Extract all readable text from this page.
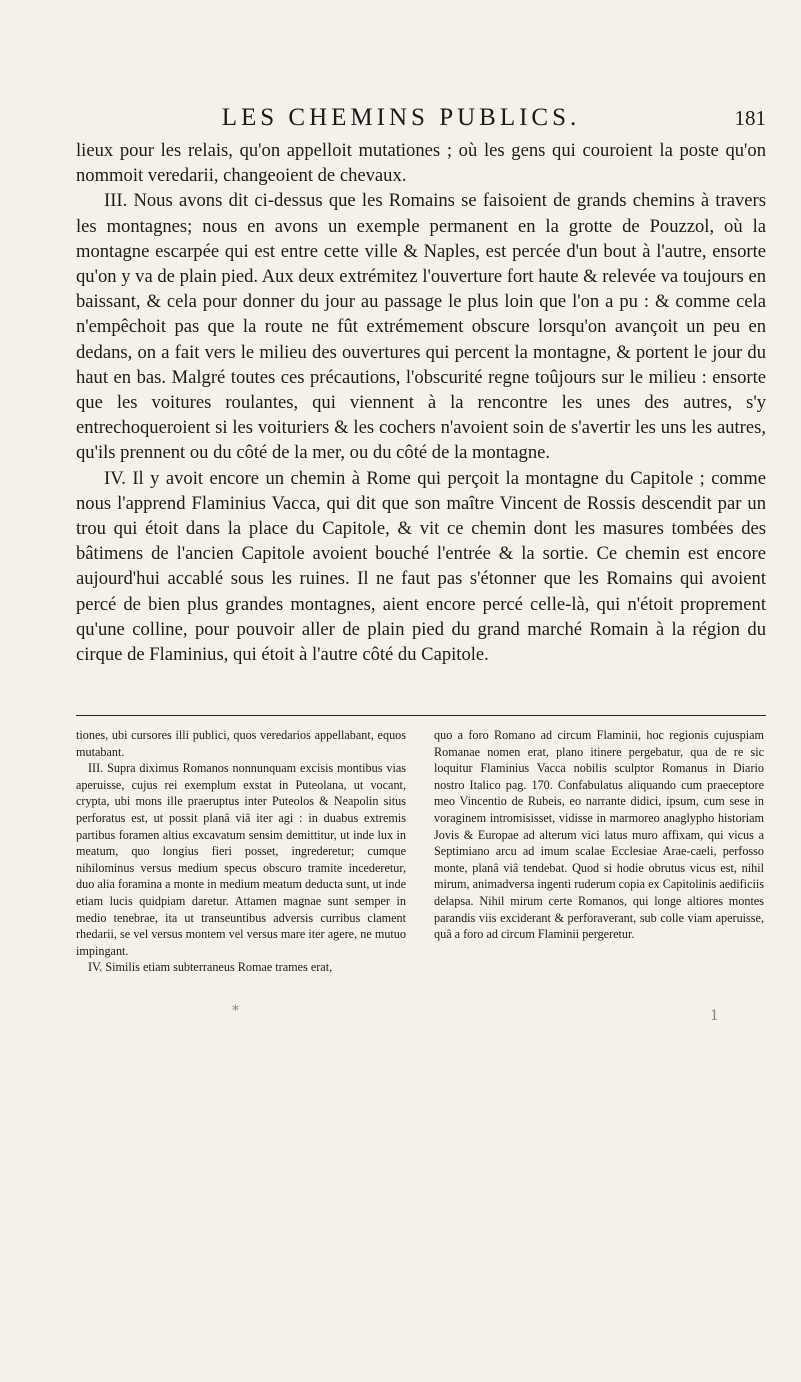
LES CHEMINS PUBLICS.	181

lieux pour les relais, qu'on appelloit mutationes ; où les gens qui couroient la poste qu'on nommoit veredarii, changeoient de chevaux.

III. Nous avons dit ci-dessus que les Romains se faisoient de grands chemins à travers les montagnes; nous en avons un exemple permanent en la grotte de Pouzzol, où la montagne escarpée qui est entre cette ville & Naples, est percée d'un bout à l'autre, ensorte qu'on y va de plain pied. Aux deux extrémitez l'ouverture fort haute & relevée va toujours en baissant, & cela pour donner du jour au passage le plus loin que l'on a pu : & comme cela n'empêchoit pas que la route ne fût extrémement obscure lorsqu'on avançoit un peu en dedans, on a fait vers le milieu des ouvertures qui percent la montagne, & portent le jour du haut en bas. Malgré toutes ces précautions, l'obscurité regne toûjours sur le milieu : ensorte que les voitures roulantes, qui viennent à la rencontre les unes des autres, s'y entrechoqueroient si les voituriers & les cochers n'avoient soin de s'avertir les uns les autres, qu'ils prennent ou du côté de la mer, ou du côté de la montagne.

IV. Il y avoit encore un chemin à Rome qui perçoit la montagne du Capitole ; comme nous l'apprend Flaminius Vacca, qui dit que son maître Vincent de Rossis descendit par un trou qui étoit dans la place du Capitole, & vit ce chemin dont les masures tombées des bâtimens de l'ancien Capitole avoient bouché l'entrée & la sortie. Ce chemin est encore aujourd'hui accablé sous les ruines. Il ne faut pas s'étonner que les Romains qui avoient percé de bien plus grandes montagnes, aient encore percé celle-là, qui n'étoit proprement qu'une colline, pour pouvoir aller de plain pied du grand marché Romain à la région du cirque de Flaminius, qui étoit à l'autre côté du Capitole.

tiones, ubi cursores illi publici, quos veredarios appellabant, equos mutabant.

III. Supra diximus Romanos nonnunquam excisis montibus vias aperuisse, cujus rei exemplum exstat in Puteolana, ut vocant, crypta, ubi mons ille praeruptus inter Puteolos & Neapolin situs perforatus est, ut possit planâ viâ iter agi : in duabus extremis partibus foramen altius excavatum sensim demittitur, ut inde lux in meatum, quo longius fieri posset, ingrederetur; cumque nihilominus versus medium specus obscuro tramite incederetur, duo alia foramina a monte in medium meatum deducta sunt, ut inde etiam lucis quidpiam daretur. Attamen magnae sunt semper in medio tenebrae, ita ut transeuntibus adversis curribus clament rhedarii, se vel versus montem vel versus mare iter agere, ne mutuo impingant.

IV. Similis etiam subterraneus Romae trames erat,

quo a foro Romano ad circum Flaminii, hoc regionis cujuspiam Romanae nomen erat, plano itinere pergebatur, qua de re sic loquitur Flaminius Vacca nobilis sculptor Romanus in Diario nostro Italico pag. 170. Confabulatus aliquando cum praeceptore meo Vincentio de Rubeis, eo narrante didici, ipsum, cum sese in voraginem intromisisset, vidisse in marmoreo anaglypho historiam Jovis & Europae ad alterum vici latus muro affixam, qui vicus a Septimiano arcu ad imum scalae Ecclesiae Arae-caeli, perfosso monte, planâ viâ tendebat. Quod si hodie obrutus vicus est, nihil mirum, animadversa ingenti ruderum copia ex Capitolinis aedificiis delapsa. Nihil mirum certe Romanos, qui longe altiores montes parandis viis exciderant & perforaverant, sub colle viam aperuisse, quâ a foro ad circum Flaminii pergeretur.

*	1
